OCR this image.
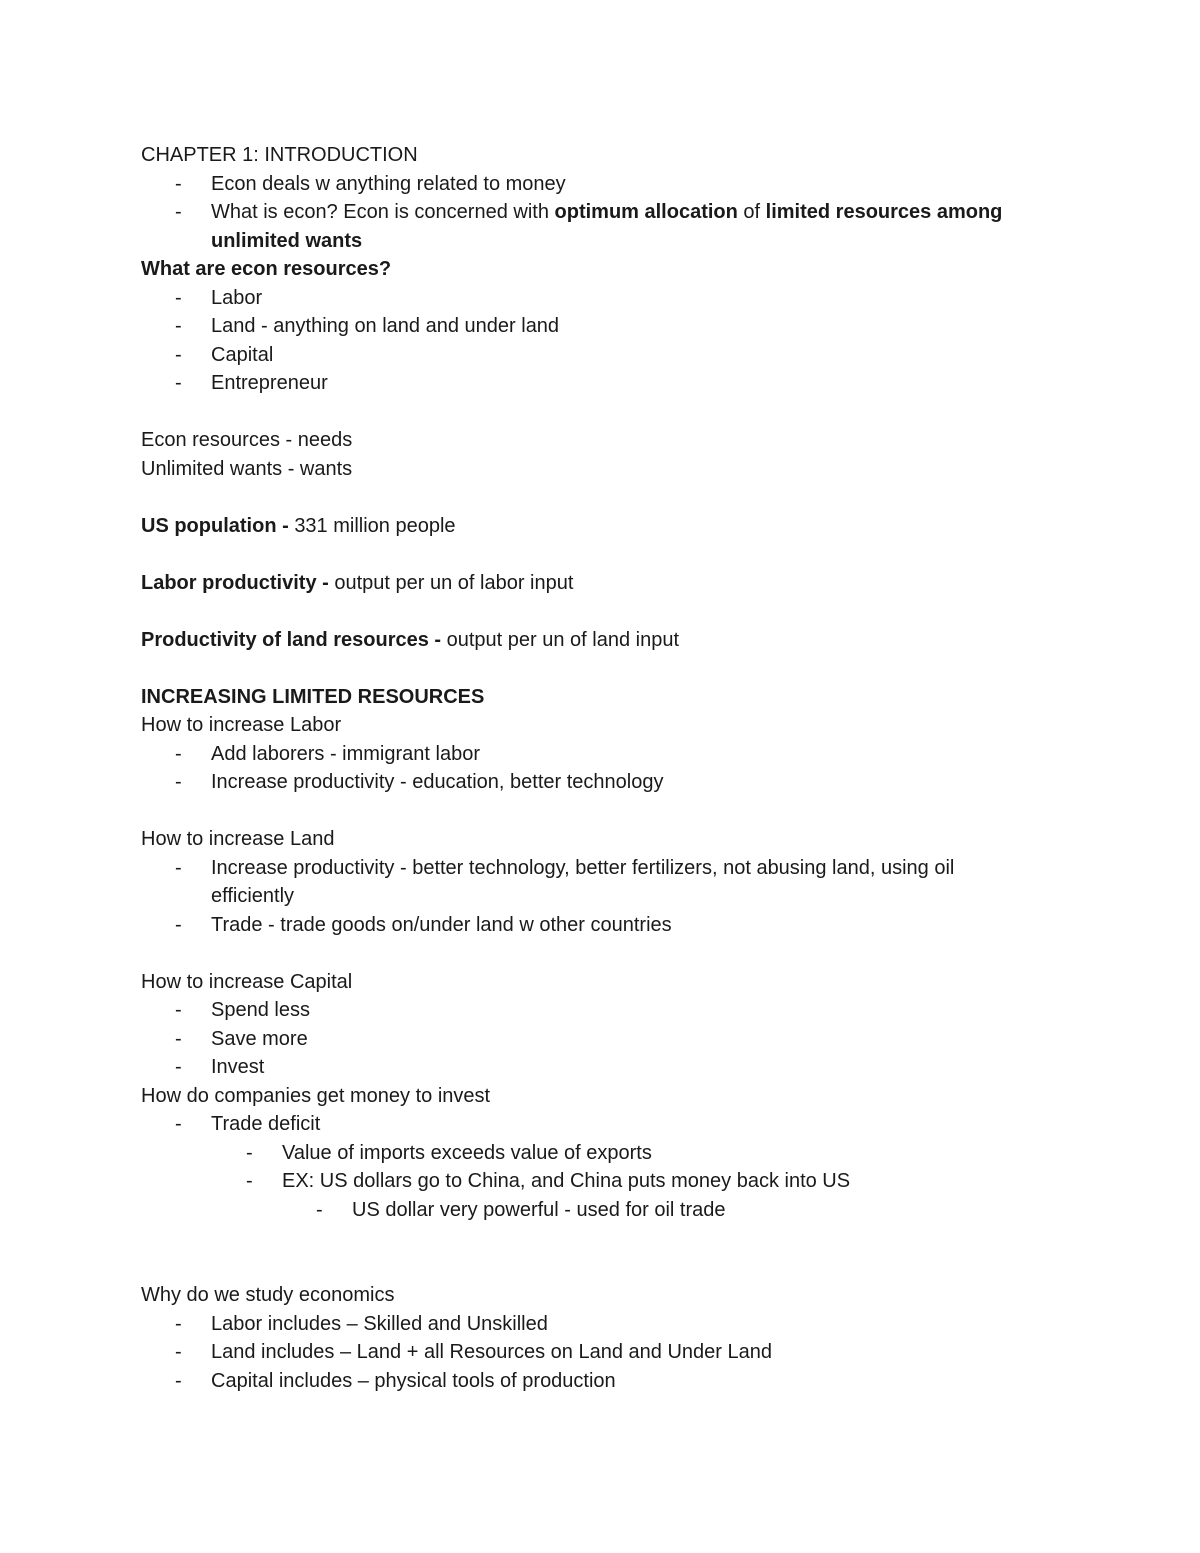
CHAPTER 1: INTRODUCTION
- Econ deals w anything related to money
- What is econ? Econ is concerned with optimum allocation of limited resources among unlimited wants
What are econ resources?
- Labor
- Land - anything on land and under land
- Capital
- Entrepreneur
Econ resources - needs
Unlimited wants - wants
US population - 331 million people
Labor productivity - output per un of labor input
Productivity of land resources - output per un of land input
INCREASING LIMITED RESOURCES
How to increase Labor
- Add laborers - immigrant labor
- Increase productivity - education, better technology
How to increase Land
- Increase productivity - better technology, better fertilizers, not abusing land, using oil efficiently
- Trade - trade goods on/under land w other countries
How to increase Capital
- Spend less
- Save more
- Invest
How do companies get money to invest
- Trade deficit
- Value of imports exceeds value of exports
- EX: US dollars go to China, and China puts money back into US
- US dollar very powerful - used for oil trade
Why do we study economics
- Labor includes – Skilled and Unskilled
- Land includes – Land + all Resources on Land and Under Land
- Capital includes – physical tools of production
